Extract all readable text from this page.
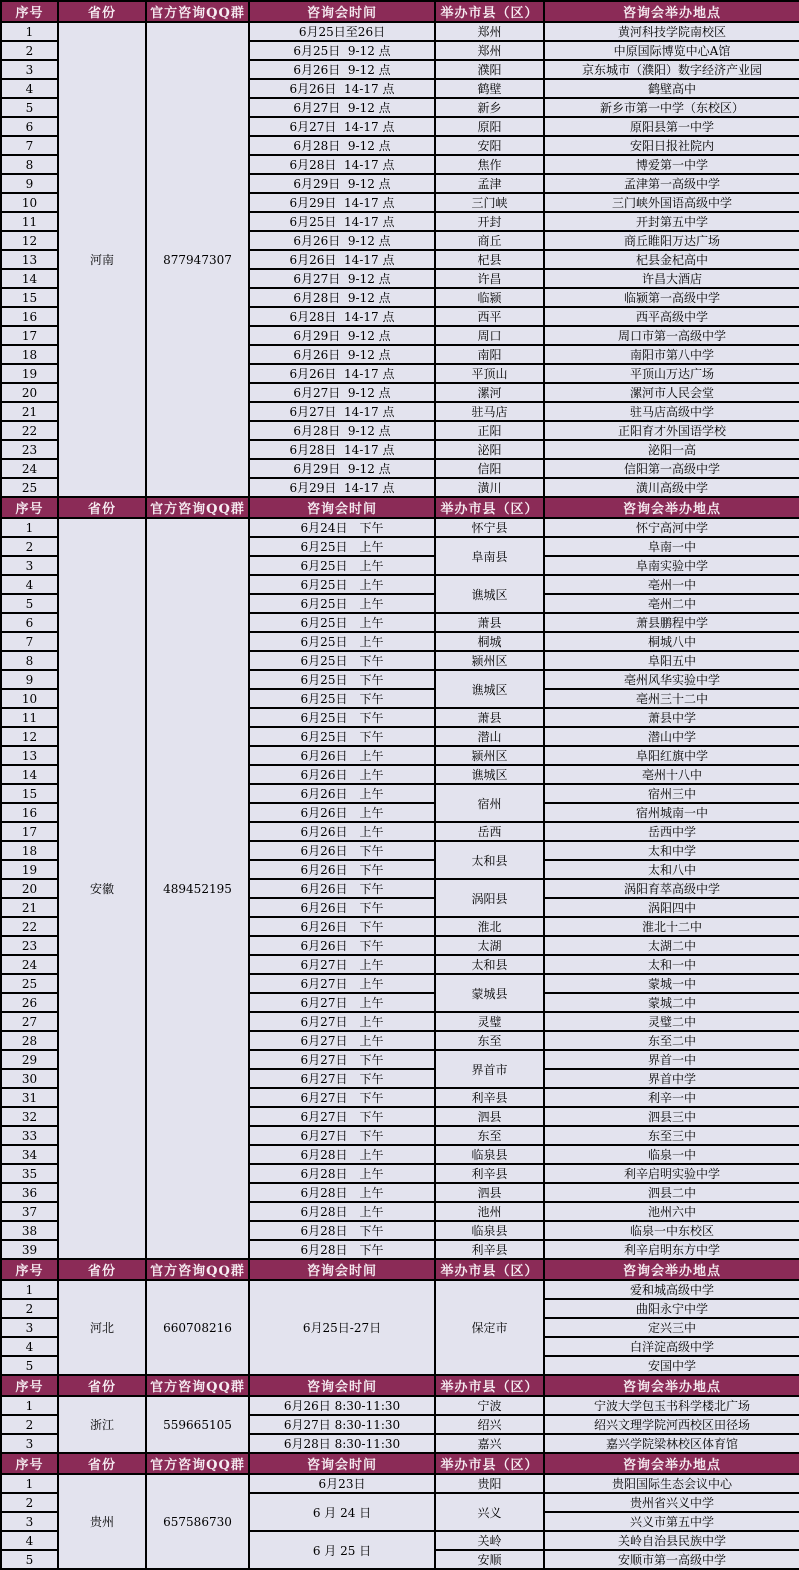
序号	省份	官方咨询QQ群	咨询会时间	举办市县（区）	咨询会举办地点
1	河南	877947307	6月25日至26日	郑州	黄河科技学院南校区
2			6月25日  9-12 点	郑州	中原国际博览中心A馆
3			6月26日  9-12 点	濮阳	京东城市（濮阳）数字经济产业园
4			6月26日  14-17 点	鹤壁	鹤壁高中
5			6月27日  9-12 点	新乡	新乡市第一中学（东校区）
6			6月27日  14-17 点	原阳	原阳县第一中学
7			6月28日  9-12 点	安阳	安阳日报社院内
8			6月28日  14-17 点	焦作	博爱第一中学
9			6月29日  9-12 点	孟津	孟津第一高级中学
10			6月29日  14-17 点	三门峡	三门峡外国语高级中学
11			6月25日  14-17 点	开封	开封第五中学
12			6月26日  9-12 点	商丘	商丘睢阳万达广场
13			6月26日  14-17 点	杞县	杞县金杞高中
14			6月27日  9-12 点	许昌	许昌大酒店
15			6月28日  9-12 点	临颍	临颍第一高级中学
16			6月28日  14-17 点	西平	西平高级中学
17			6月29日  9-12 点	周口	周口市第一高级中学
18			6月26日  9-12 点	南阳	南阳市第八中学
19			6月26日  14-17 点	平顶山	平顶山万达广场
20			6月27日  9-12 点	漯河	漯河市人民会堂
21			6月27日  14-17 点	驻马店	驻马店高级中学
22			6月28日  9-12 点	正阳	正阳育才外国语学校
23			6月28日  14-17 点	泌阳	泌阳一高
24			6月29日  9-12 点	信阳	信阳第一高级中学
25			6月29日  14-17 点	潢川	潢川高级中学
序号	省份	官方咨询QQ群	咨询会时间	举办市县（区）	咨询会举办地点
1	安徽	489452195	6月24日　下午	怀宁县	怀宁高河中学
2			6月25日　上午	阜南县	阜南一中
3			6月25日　上午		阜南实验中学
4			6月25日　上午	谯城区	亳州一中
5			6月25日　上午		亳州二中
6			6月25日　上午	萧县	萧县鹏程中学
7			6月25日　上午	桐城	桐城八中
8			6月25日　下午	颍州区	阜阳五中
9			6月25日　下午	谯城区	亳州风华实验中学
10			6月25日　下午		亳州三十二中
11			6月25日　下午	萧县	萧县中学
12			6月25日　下午	潜山	潜山中学
13			6月26日　上午	颍州区	阜阳红旗中学
14			6月26日　上午	谯城区	亳州十八中
15			6月26日　上午	宿州	宿州三中
16			6月26日　上午		宿州城南一中
17			6月26日　上午	岳西	岳西中学
18			6月26日　下午	太和县	太和中学
19			6月26日　下午		太和八中
20			6月26日　下午	涡阳县	涡阳育萃高级中学
21			6月26日　下午		涡阳四中
22			6月26日　下午	淮北	淮北十二中
23			6月26日　下午	太湖	太湖二中
24			6月27日　上午	太和县	太和一中
25			6月27日　上午	蒙城县	蒙城一中
26			6月27日　上午		蒙城二中
27			6月27日　上午	灵璧	灵璧二中
28			6月27日　上午	东至	东至二中
29			6月27日　下午	界首市	界首一中
30			6月27日　下午		界首中学
31			6月27日　下午	利辛县	利辛一中
32			6月27日　下午	泗县	泗县三中
33			6月27日　下午	东至	东至三中
34			6月28日　上午	临泉县	临泉一中
35			6月28日　上午	利辛县	利辛启明实验中学
36			6月28日　上午	泗县	泗县二中
37			6月28日　上午	池州	池州六中
38			6月28日　下午	临泉县	临泉一中东校区
39			6月28日　下午	利辛县	利辛启明东方中学
序号	省份	官方咨询QQ群	咨询会时间	举办市县（区）	咨询会举办地点
1	河北	660708216	6月25日-27日	保定市	爱和城高级中学
2					曲阳永宁中学
3					定兴三中
4					白洋淀高级中学
5					安国中学
序号	省份	官方咨询QQ群	咨询会时间	举办市县（区）	咨询会举办地点
1	浙江	559665105	6月26日 8:30-11:30	宁波	宁波大学包玉书科学楼北广场
2			6月27日 8:30-11:30	绍兴	绍兴文理学院河西校区田径场
3			6月28日 8:30-11:30	嘉兴	嘉兴学院梁林校区体育馆
序号	省份	官方咨询QQ群	咨询会时间	举办市县（区）	咨询会举办地点
1	贵州	657586730	6月23日	贵阳	贵阳国际生态会议中心
2			6 月 24 日	兴义	贵州省兴义中学
3					兴义市第五中学
4			6 月 25 日	关岭	关岭自治县民族中学
5				安顺	安顺市第一高级中学
